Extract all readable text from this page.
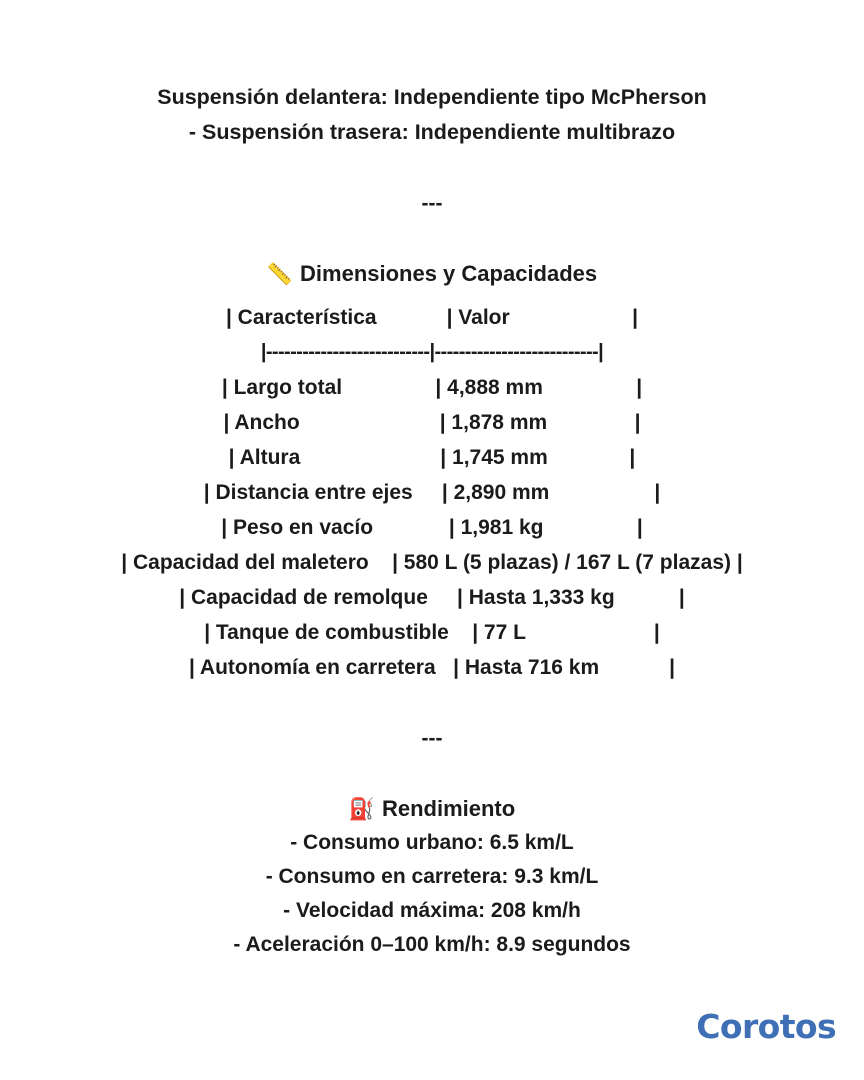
Suspensión delantera: Independiente tipo McPherson
- Suspensión trasera: Independiente multibrazo
---
📏 Dimensiones y Capacidades
| Característica            | Valor                     |
|---------------------------|---------------------------|
| Largo total                | 4,888 mm                |
| Ancho                        | 1,878 mm               |
| Altura                        | 1,745 mm              |
| Distancia entre ejes     | 2,890 mm                  |
| Peso en vacío             | 1,981 kg                |
| Capacidad del maletero    | 580 L (5 plazas) / 167 L (7 plazas) |
| Capacidad de remolque     | Hasta 1,333 kg           |
| Tanque de combustible    | 77 L                      |
| Autonomía en carretera   | Hasta 716 km            |
---
⛽ Rendimiento
- Consumo urbano: 6.5 km/L
- Consumo en carretera: 9.3 km/L
- Velocidad máxima: 208 km/h
- Aceleración 0–100 km/h: 8.9 segundos
Corotos
